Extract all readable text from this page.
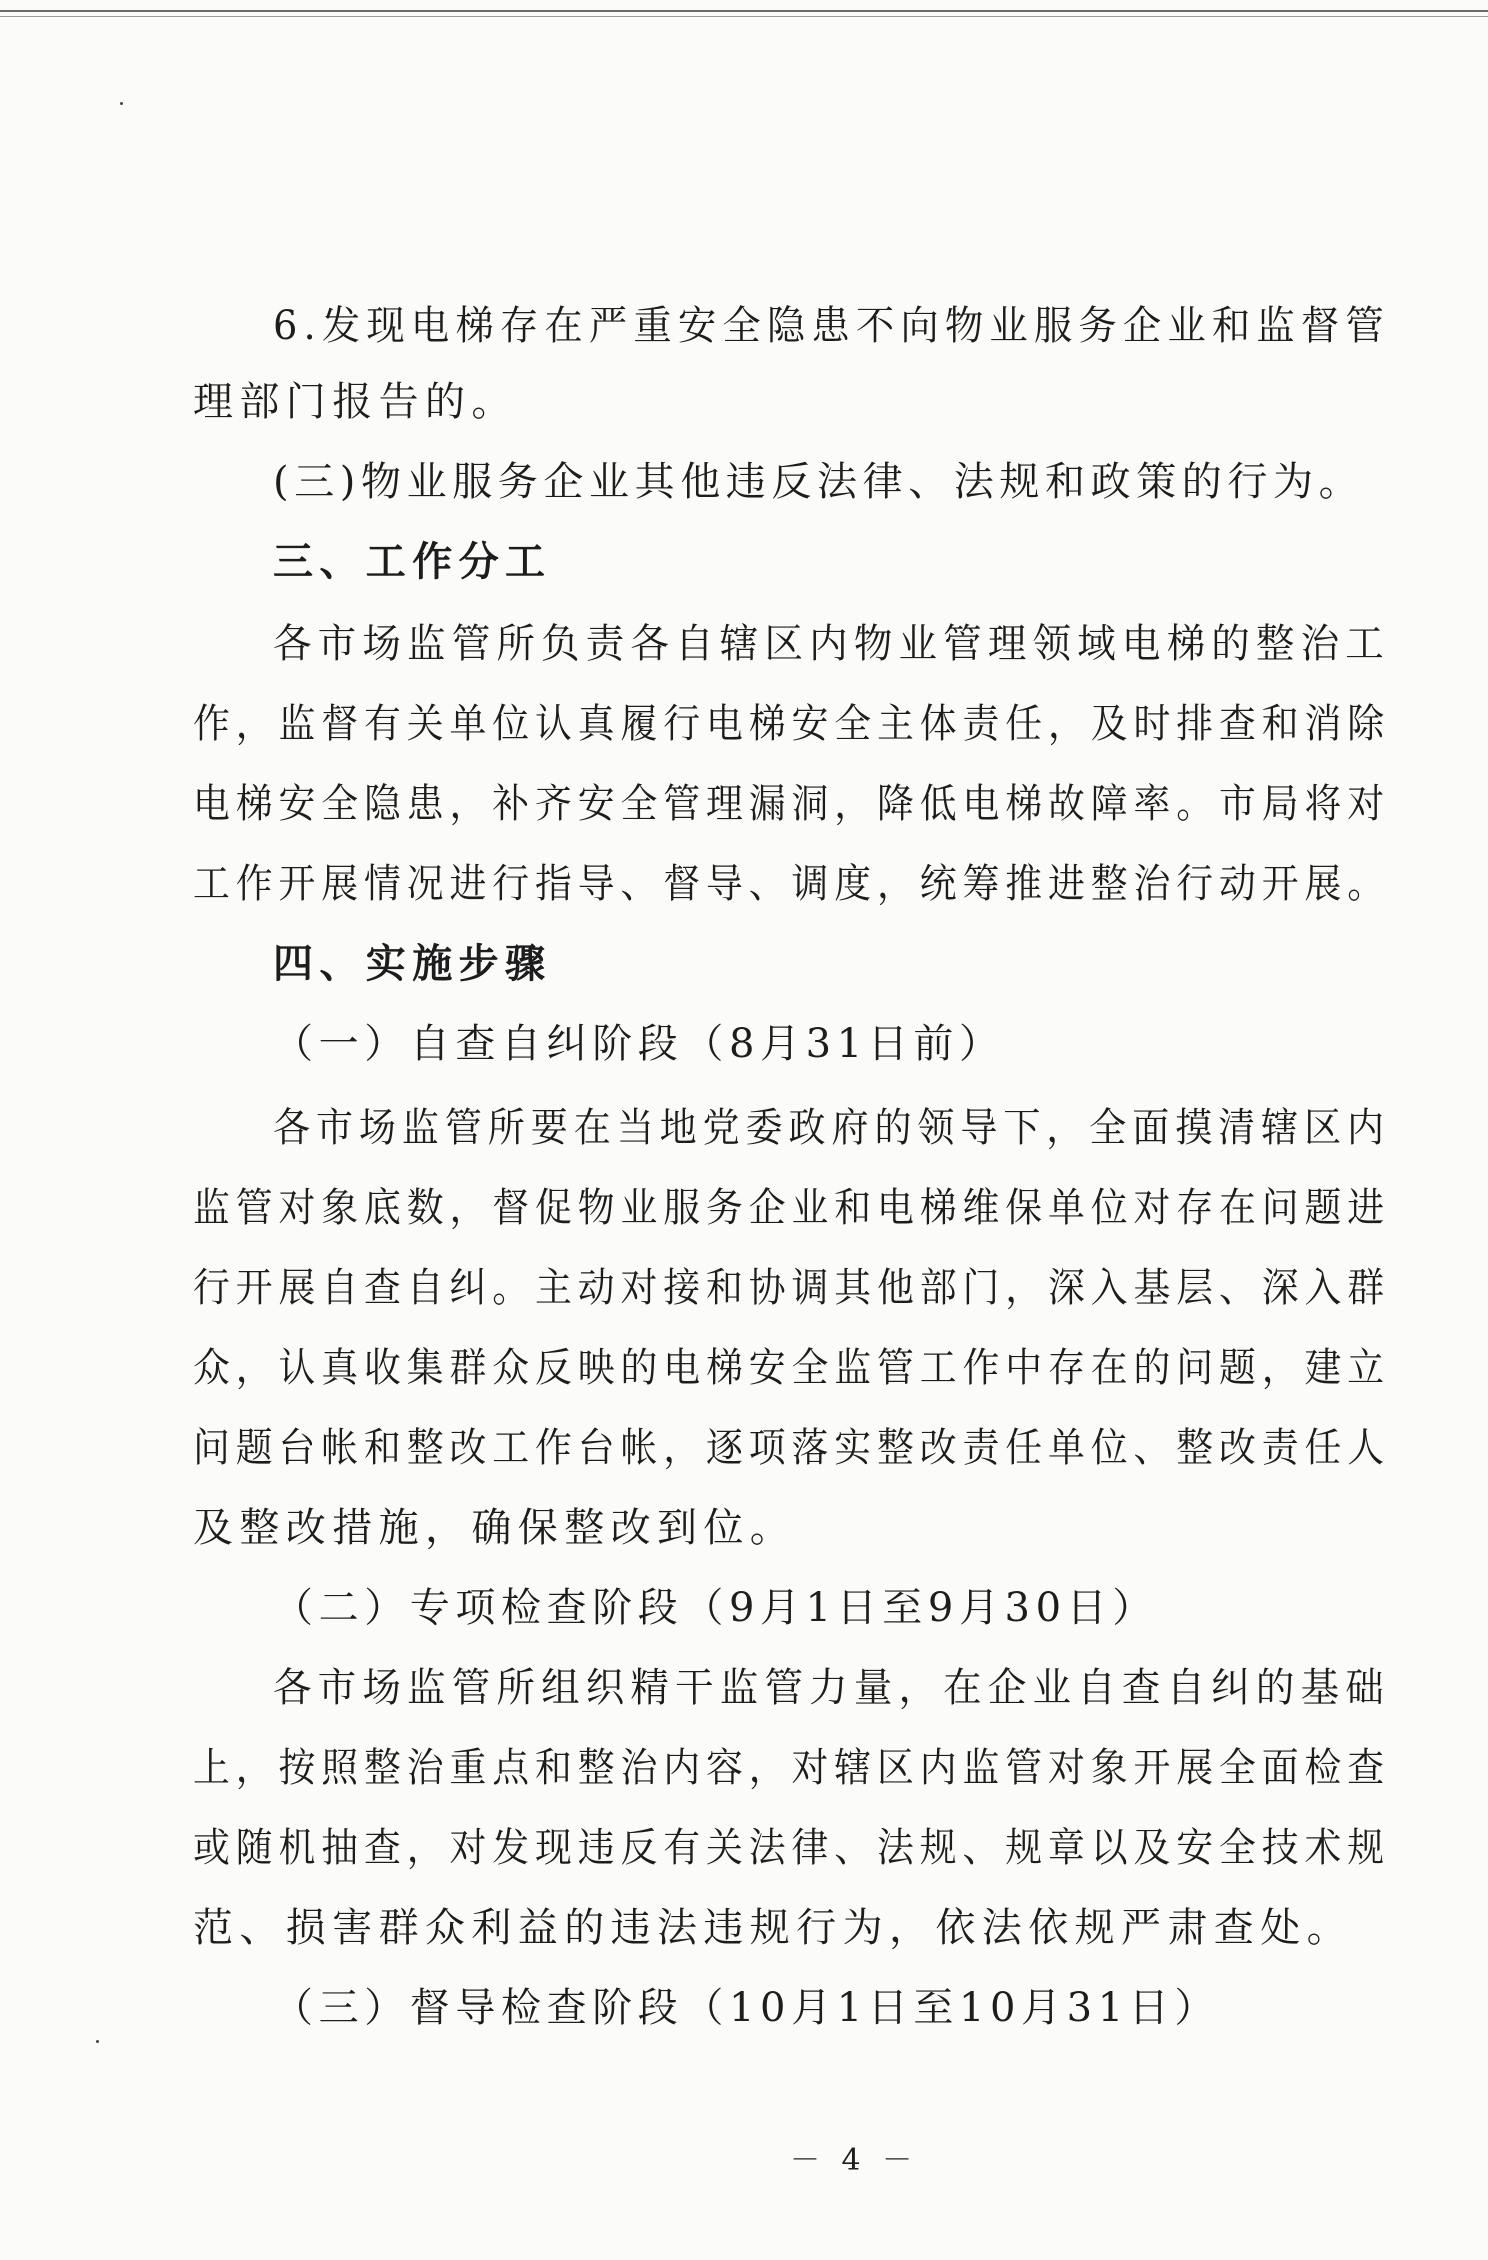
6.发现电梯存在严重安全隐患不向物业服务企业和监督管
理部门报告的。
(三)物业服务企业其他违反法律、法规和政策的行为。
三、工作分工
各市场监管所负责各自辖区内物业管理领域电梯的整治工
作，监督有关单位认真履行电梯安全主体责任，及时排查和消除
电梯安全隐患，补齐安全管理漏洞，降低电梯故障率。市局将对
工作开展情况进行指导、督导、调度，统筹推进整治行动开展。
四、实施步骤
（一）自查自纠阶段（8月31日前）
各市场监管所要在当地党委政府的领导下，全面摸清辖区内
监管对象底数，督促物业服务企业和电梯维保单位对存在问题进
行开展自查自纠。主动对接和协调其他部门，深入基层、深入群
众，认真收集群众反映的电梯安全监管工作中存在的问题，建立
问题台帐和整改工作台帐，逐项落实整改责任单位、整改责任人
及整改措施，确保整改到位。
（二）专项检查阶段（9月1日至9月30日）
各市场监管所组织精干监管力量，在企业自查自纠的基础
上，按照整治重点和整治内容，对辖区内监管对象开展全面检查
或随机抽查，对发现违反有关法律、法规、规章以及安全技术规
范、损害群众利益的违法违规行为，依法依规严肃查处。
（三）督导检查阶段（10月1日至10月31日）
－ 4 －
